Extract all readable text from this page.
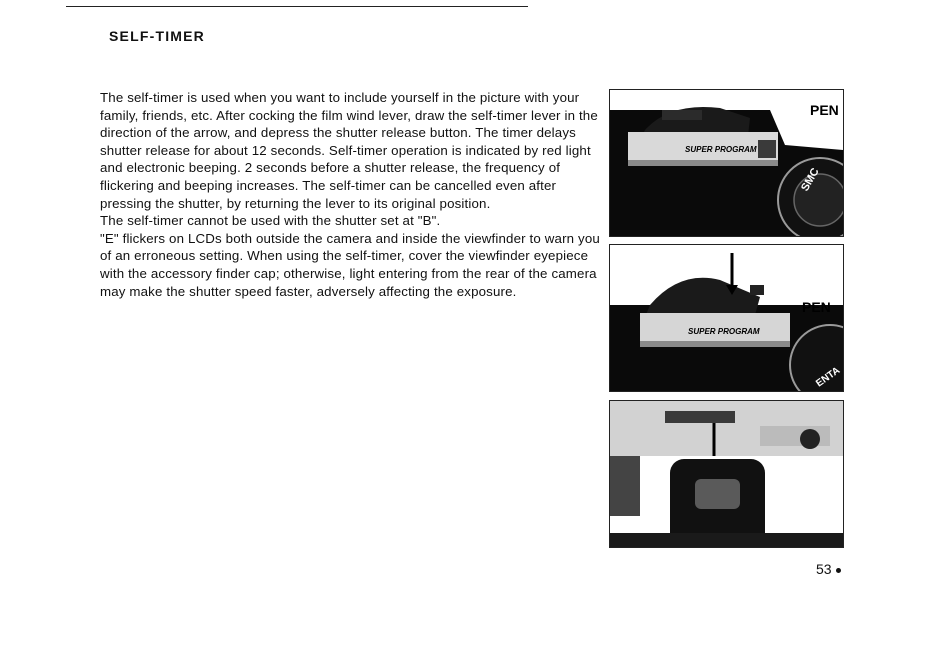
SELF-TIMER

The self-timer is used when you want to include yourself in the picture with your family, friends, etc. After cocking the film wind lever, draw the self-timer lever in the direction of the arrow, and depress the shutter release button. The timer delays shutter release for about 12 seconds. Self-timer operation is indicated by red light and electronic beeping. 2 seconds before a shutter release, the frequency of flickering and beeping increases. The self-timer can be cancelled even after pressing the shutter, by returning the lever to its original position.

The self-timer cannot be used with the shutter set at "B".

"E" flickers on LCDs both outside the camera and inside the viewfinder to warn you of an erroneous setting. When using the self-timer, cover the viewfinder eyepiece with the accessory finder cap; otherwise, light entering from the rear of the camera may make the shutter speed faster, adversely affecting the exposure.

PEN
SUPER PROGRAM
SMC
PEN
SUPER PROGRAM
ENTA
53
